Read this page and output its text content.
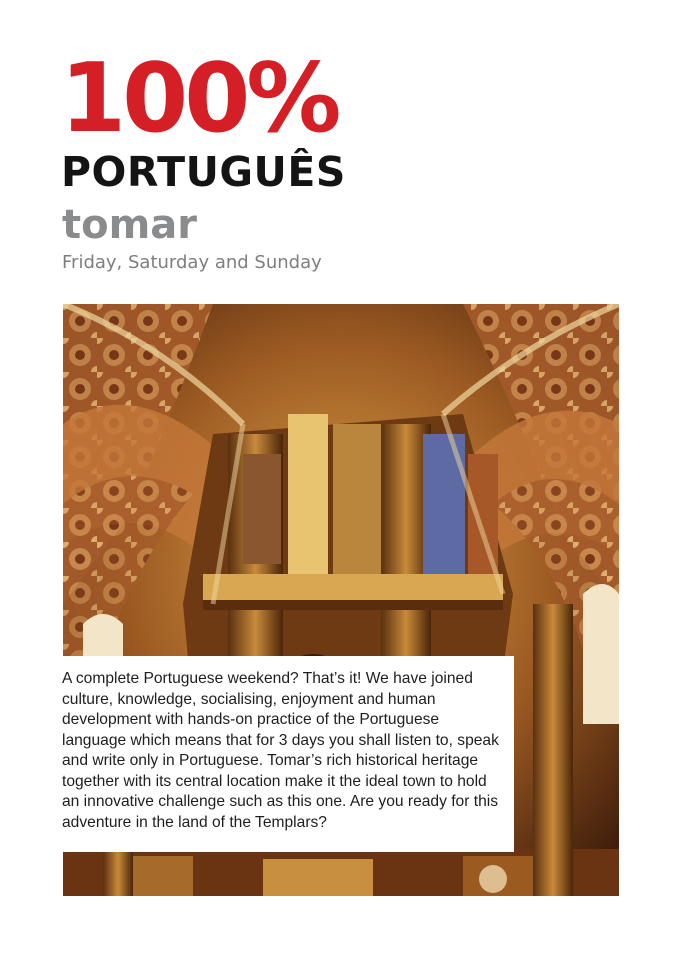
100%
PORTUGUÊS
tomar
Friday, Saturday and Sunday

A complete Portuguese weekend? That’s it! We have joined culture, knowledge, socialising, enjoyment and human development with hands-on practice of the Portuguese language which means that for 3 days you shall listen to, speak and write only in Portuguese. Tomar’s rich historical heritage together with its central location make it the ideal town to hold an innovative challenge such as this one. Are you ready for this adventure in the land of the Templars?
